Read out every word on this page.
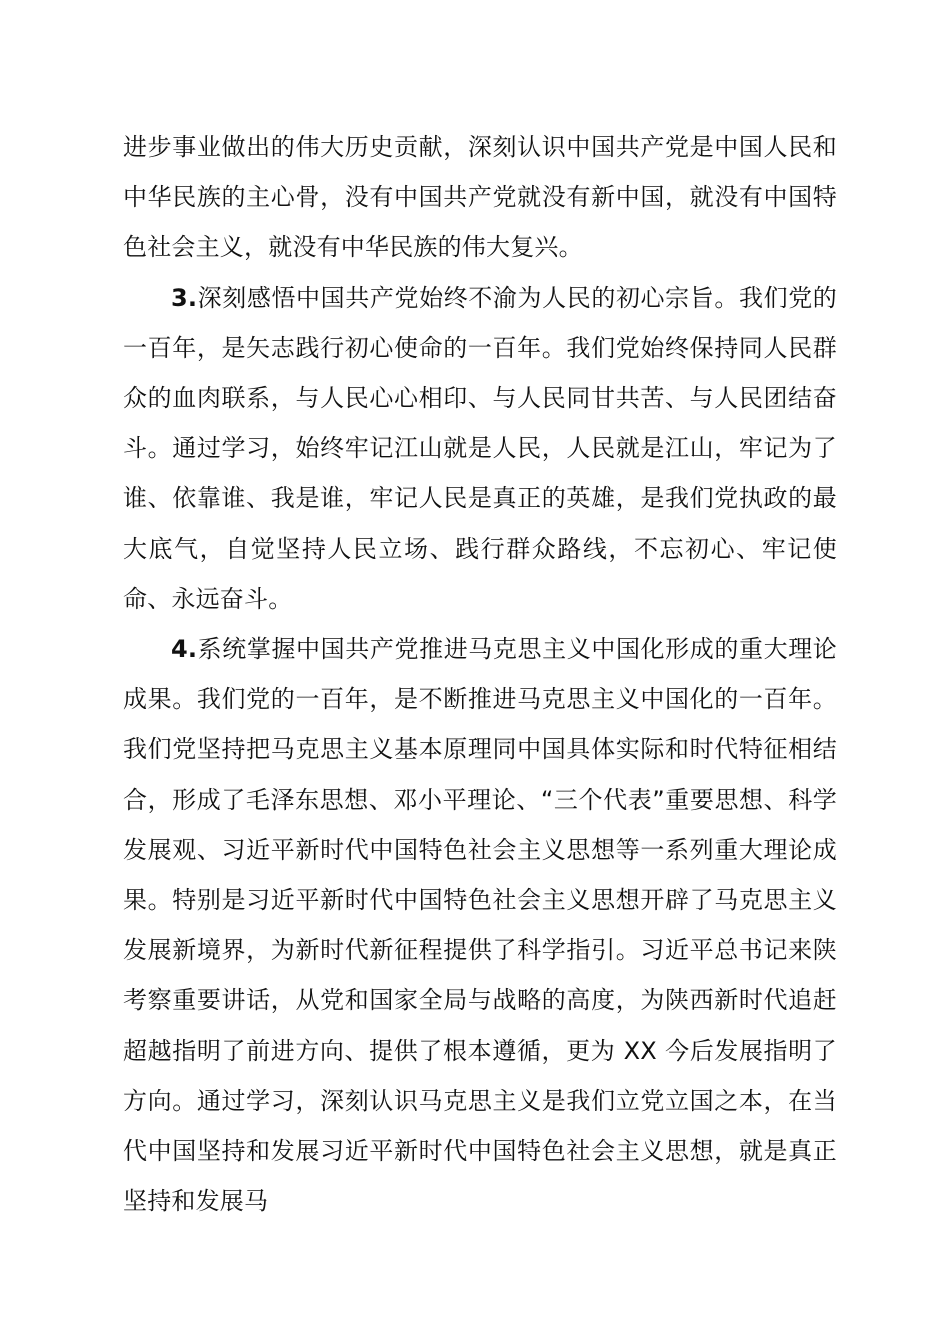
进步事业做出的伟大历史贡献，深刻认识中国共产党是中国人民和中华民族的主心骨，没有中国共产党就没有新中国，就没有中国特色社会主义，就没有中华民族的伟大复兴。

3.深刻感悟中国共产党始终不渝为人民的初心宗旨。我们党的一百年，是矢志践行初心使命的一百年。我们党始终保持同人民群众的血肉联系，与人民心心相印、与人民同甘共苦、与人民团结奋斗。通过学习，始终牢记江山就是人民，人民就是江山，牢记为了谁、依靠谁、我是谁，牢记人民是真正的英雄，是我们党执政的最大底气，自觉坚持人民立场、践行群众路线，不忘初心、牢记使命、永远奋斗。

4.系统掌握中国共产党推进马克思主义中国化形成的重大理论成果。我们党的一百年，是不断推进马克思主义中国化的一百年。我们党坚持把马克思主义基本原理同中国具体实际和时代特征相结合，形成了毛泽东思想、邓小平理论、“三个代表”重要思想、科学发展观、习近平新时代中国特色社会主义思想等一系列重大理论成果。特别是习近平新时代中国特色社会主义思想开辟了马克思主义发展新境界，为新时代新征程提供了科学指引。习近平总书记来陕考察重要讲话，从党和国家全局与战略的高度，为陕西新时代追赶超越指明了前进方向、提供了根本遵循，更为 XX 今后发展指明了方向。通过学习，深刻认识马克思主义是我们立党立国之本，在当代中国坚持和发展习近平新时代中国特色社会主义思想，就是真正坚持和发展马
